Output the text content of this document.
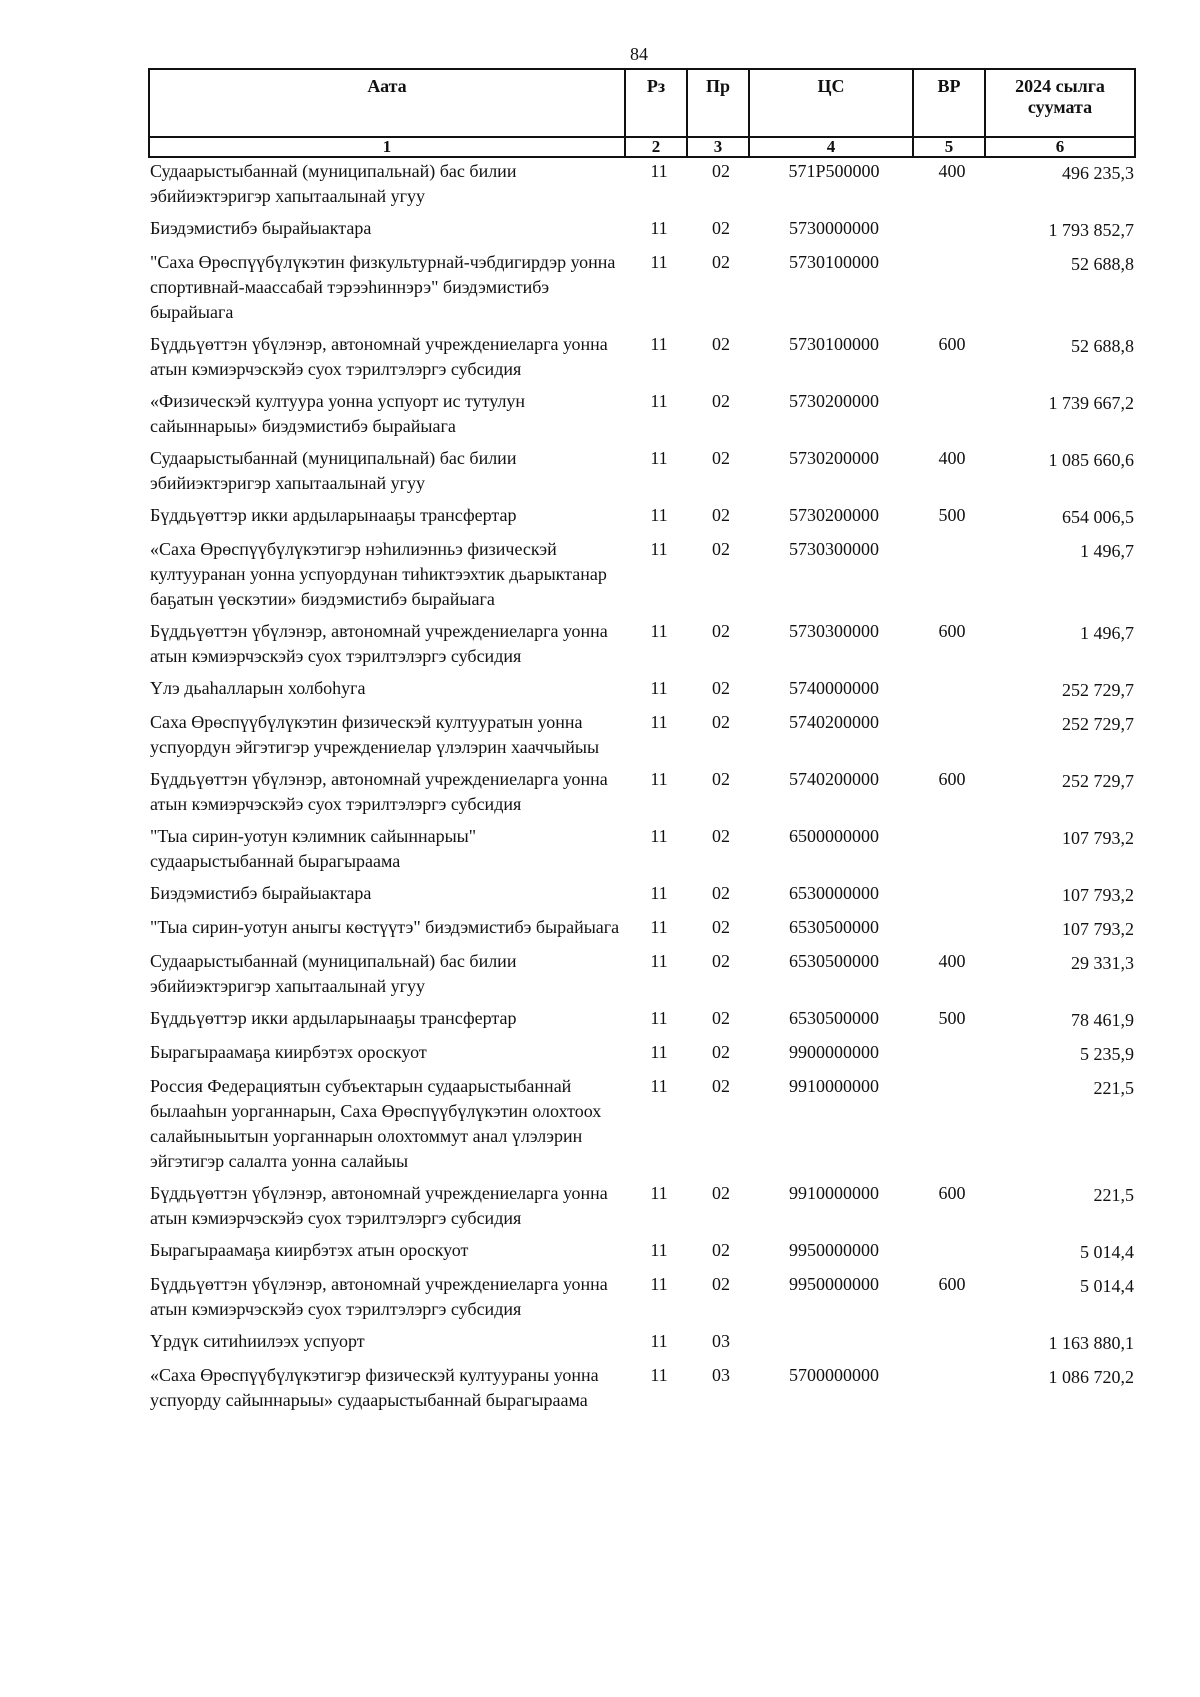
84
Аата	Рз	Пр	ЦС	ВР	2024 сылга суумата
1	2	3	4	5	6
Судаарыстыбаннай (муниципальнай) бас билии эбийиэктэригэр хапытаалынай угуу	11	02	571P500000	400	496 235,3
Биэдэмистибэ бырайыактара	11	02	5730000000		1 793 852,7
"Саха Өрөспүүбүлүкэтин физкультурнай-чэбдигирдэр уонна спортивнай-маассабай тэрээһиннэрэ" биэдэмистибэ бырайыага	11	02	5730100000		52 688,8
Бүддьүөттэн үбүлэнэр, автономнай учреждениеларга уонна атын кэмиэрчэскэйэ суох тэрилтэлэргэ субсидия	11	02	5730100000	600	52 688,8
«Физическэй култуура уонна успуорт ис тутулун сайыннарыы» биэдэмистибэ бырайыага	11	02	5730200000		1 739 667,2
Судаарыстыбаннай (муниципальнай) бас билии эбийиэктэригэр хапытаалынай угуу	11	02	5730200000	400	1 085 660,6
Бүддьүөттэр икки ардыларынааҕы трансфертар	11	02	5730200000	500	654 006,5
«Саха Өрөспүүбүлүкэтигэр нэһилиэнньэ физическэй култууранан уонна успуордунан тиһиктээхтик дьарыктанар баҕатын үөскэтии» биэдэмистибэ бырайыага	11	02	5730300000		1 496,7
Бүддьүөттэн үбүлэнэр, автономнай учреждениеларга уонна атын кэмиэрчэскэйэ суох тэрилтэлэргэ субсидия	11	02	5730300000	600	1 496,7
Үлэ дьаһалларын холбоһуга	11	02	5740000000		252 729,7
Саха Өрөспүүбүлүкэтин физическэй култууратын уонна успуордун эйгэтигэр учреждениелар үлэлэрин хааччыйыы	11	02	5740200000		252 729,7
Бүддьүөттэн үбүлэнэр, автономнай учреждениеларга уонна атын кэмиэрчэскэйэ суох тэрилтэлэргэ субсидия	11	02	5740200000	600	252 729,7
"Тыа сирин-уотун кэлимник сайыннарыы" судаарыстыбаннай бырагыраама	11	02	6500000000		107 793,2
Биэдэмистибэ бырайыактара	11	02	6530000000		107 793,2
"Тыа сирин-уотун аныгы көстүүтэ" биэдэмистибэ бырайыага	11	02	6530500000		107 793,2
Судаарыстыбаннай (муниципальнай) бас билии эбийиэктэригэр хапытаалынай угуу	11	02	6530500000	400	29 331,3
Бүддьүөттэр икки ардыларынааҕы трансфертар	11	02	6530500000	500	78 461,9
Бырагыраамаҕа киирбэтэх ороскуот	11	02	9900000000		5 235,9
Россия Федерациятын субъектарын судаарыстыбаннай былааһын уорганнарын, Саха Өрөспүүбүлүкэтин олохтоох салайыныытын уорганнарын олохтоммут анал үлэлэрин эйгэтигэр салалта уонна салайыы	11	02	9910000000		221,5
Бүддьүөттэн үбүлэнэр, автономнай учреждениеларга уонна атын кэмиэрчэскэйэ суох тэрилтэлэргэ субсидия	11	02	9910000000	600	221,5
Бырагыраамаҕа киирбэтэх атын ороскуот	11	02	9950000000		5 014,4
Бүддьүөттэн үбүлэнэр, автономнай учреждениеларга уонна атын кэмиэрчэскэйэ суох тэрилтэлэргэ субсидия	11	02	9950000000	600	5 014,4
Үрдүк ситиһиилээх успуорт	11	03			1 163 880,1
«Саха Өрөспүүбүлүкэтигэр физическэй култуураны уонна успуорду сайыннарыы» судаарыстыбаннай бырагыраама	11	03	5700000000		1 086 720,2
